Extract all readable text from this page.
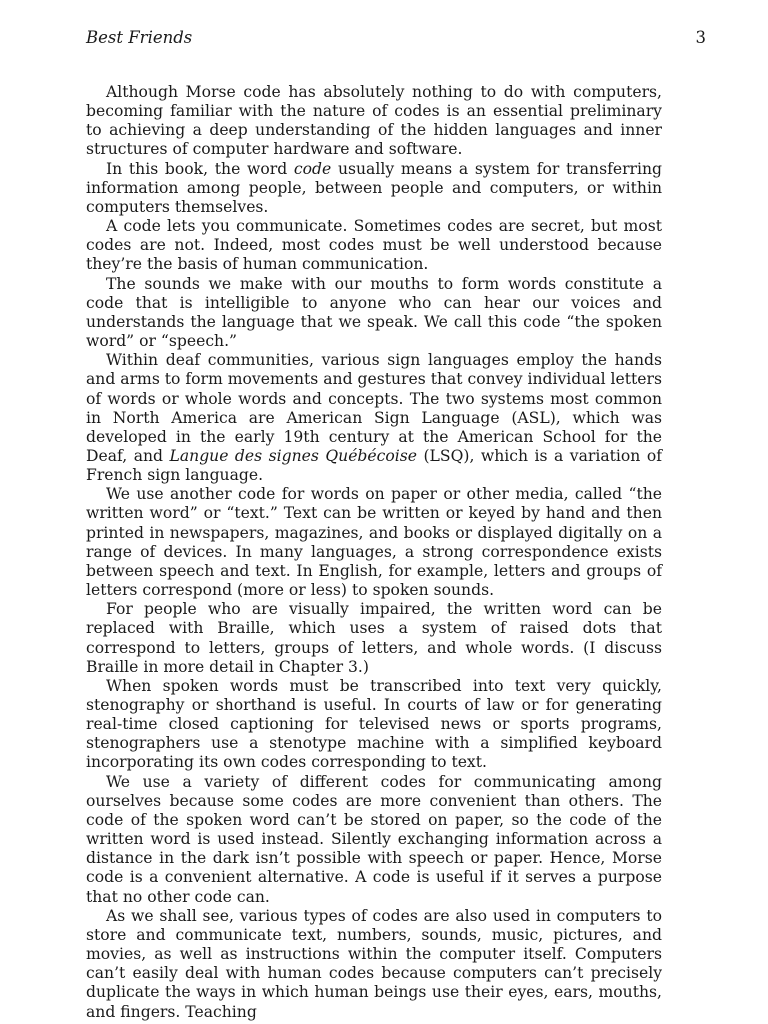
Best Friends	3

Although Morse code has absolutely nothing to do with computers, becoming familiar with the nature of codes is an essential preliminary to achieving a deep understanding of the hidden languages and inner structures of computer hardware and software.

In this book, the word code usually means a system for transferring information among people, between people and computers, or within computers themselves.

A code lets you communicate. Sometimes codes are secret, but most codes are not. Indeed, most codes must be well understood because they’re the basis of human communication.

The sounds we make with our mouths to form words constitute a code that is intelligible to anyone who can hear our voices and understands the language that we speak. We call this code “the spoken word” or “speech.”

Within deaf communities, various sign languages employ the hands and arms to form movements and gestures that convey individual letters of words or whole words and concepts. The two systems most common in North America are American Sign Language (ASL), which was developed in the early 19th century at the American School for the Deaf, and Langue des signes Québécoise (LSQ), which is a variation of French sign language.

We use another code for words on paper or other media, called “the written word” or “text.” Text can be written or keyed by hand and then printed in newspapers, magazines, and books or displayed digitally on a range of devices. In many languages, a strong correspondence exists between speech and text. In English, for example, letters and groups of letters correspond (more or less) to spoken sounds.

For people who are visually impaired, the written word can be replaced with Braille, which uses a system of raised dots that correspond to letters, groups of letters, and whole words. (I discuss Braille in more detail in Chapter 3.)

When spoken words must be transcribed into text very quickly, stenography or shorthand is useful. In courts of law or for generating real-time closed captioning for televised news or sports programs, stenographers use a stenotype machine with a simplified keyboard incorporating its own codes corresponding to text.

We use a variety of different codes for communicating among ourselves because some codes are more convenient than others. The code of the spoken word can’t be stored on paper, so the code of the written word is used instead. Silently exchanging information across a distance in the dark isn’t possible with speech or paper. Hence, Morse code is a convenient alternative. A code is useful if it serves a purpose that no other code can.

As we shall see, various types of codes are also used in computers to store and communicate text, numbers, sounds, music, pictures, and movies, as well as instructions within the computer itself. Computers can’t easily deal with human codes because computers can’t precisely duplicate the ways in which human beings use their eyes, ears, mouths, and fingers. Teaching
